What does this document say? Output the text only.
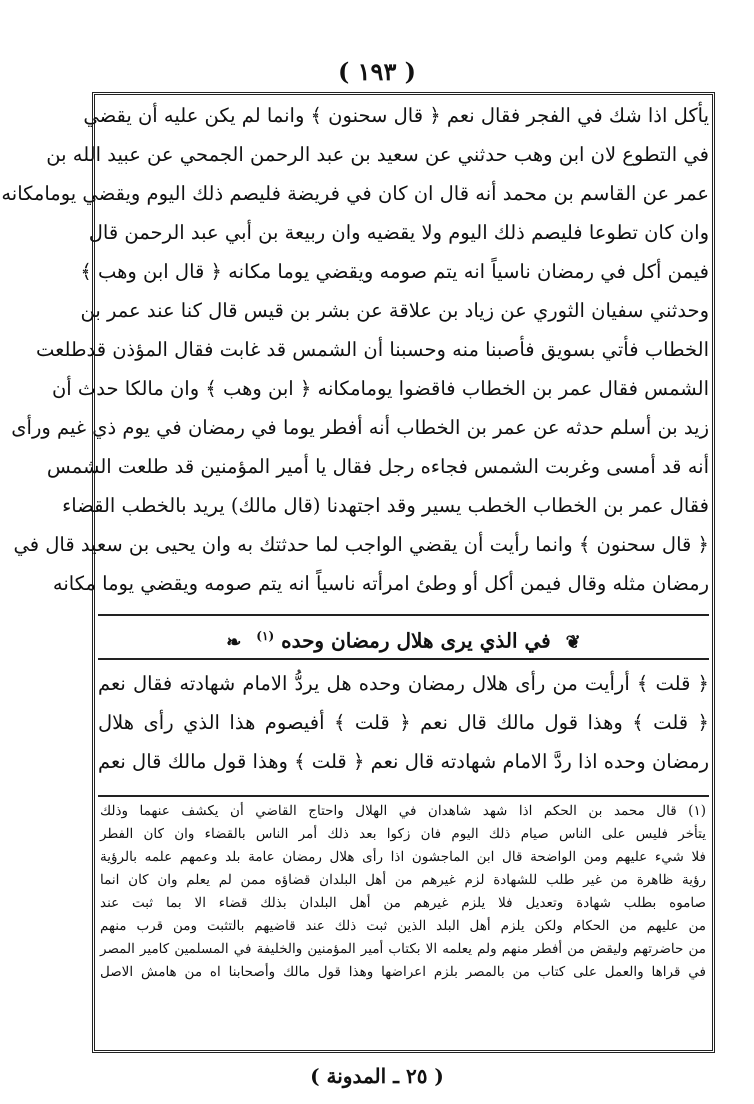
( ١٩٣ )
يأكل اذا شك في الفجر فقال نعم ﴿ قال سحنون ﴾ وانما لم يكن عليه أن يقضي
في التطوع لان ابن وهب حدثني عن سعيد بن عبد الرحمن الجمحي عن عبيد الله بن
عمر عن القاسم بن محمد أنه قال ان كان في فريضة فليصم ذلك اليوم ويقضي يومامكانه
وان كان تطوعا فليصم ذلك اليوم ولا يقضيه وان ربيعة بن أبي عبد الرحمن قال
فيمن أكل في رمضان ناسياً انه يتم صومه ويقضي يوما مكانه ﴿ قال ابن وهب ﴾
وحدثني سفيان الثوري عن زياد بن علاقة عن بشر بن قيس قال كنا عند عمر بن
الخطاب فأتي بسويق فأصبنا منه وحسبنا أن الشمس قد غابت فقال المؤذن قدطلعت
الشمس فقال عمر بن الخطاب فاقضوا يومامكانه ﴿ ابن وهب ﴾ وان مالكا حدث أن
زيد بن أسلم حدثه عن عمر بن الخطاب أنه أفطر يوما في رمضان في يوم ذي غيم ورأى
أنه قد أمسى وغربت الشمس فجاءه رجل فقال يا أمير المؤمنين قد طلعت الشمس
فقال عمر بن الخطاب الخطب يسير وقد اجتهدنا (قال مالك) يريد بالخطب القضاء
﴿ قال سحنون ﴾ وانما رأيت أن يقضي الواجب لما حدثتك به وان يحيى بن سعيد قال في
رمضان مثله وقال فيمن أكل أو وطئ امرأته ناسياً انه يتم صومه ويقضي يوما مكانه
❦ في الذي يرى هلال رمضان وحده $^{(١)}$ ❧
﴿ قلت ﴾ أرأيت من رأى هلال رمضان وحده هل يردُّ الامام شهادته فقال نعم
﴿ قلت ﴾ وهذا قول مالك قال نعم ﴿ قلت ﴾ أفيصوم هذا الذي رأى هلال
رمضان وحده اذا ردَّ الامام شهادته قال نعم ﴿ قلت ﴾ وهذا قول مالك قال نعم
(١) قال محمد بن الحكم اذا شهد شاهدان في الهلال واحتاج القاضي أن يكشف عنهما وذلك
يتأخر فليس على الناس صيام ذلك اليوم فان زكوا بعد ذلك أمر الناس بالقضاء وان كان الفطر
فلا شيء عليهم ومن الواضحة قال ابن الماجشون اذا رأى هلال رمضان عامة بلد وعمهم علمه بالرؤية
رؤية ظاهرة من غير طلب للشهادة لزم غيرهم من أهل البلدان قضاؤه ممن لم يعلم وان كان انما
صاموه بطلب شهادة وتعديل فلا يلزم غيرهم من أهل البلدان بذلك قضاء الا بما ثبت عند
من عليهم من الحكام ولكن يلزم أهل البلد الذين ثبت ذلك عند قاضيهم بالتثبت ومن قرب منهم
من حاضرتهم وليقض من أفطر منهم ولم يعلمه الا بكتاب أمير المؤمنين والخليفة في المسلمين كامير المصر
في قراها والعمل على كتاب من بالمصر بلزم اعراضها وهذا قول مالك وأصحابنا اه من هامش الاصل
( ٢٥ ـ المدونة )
